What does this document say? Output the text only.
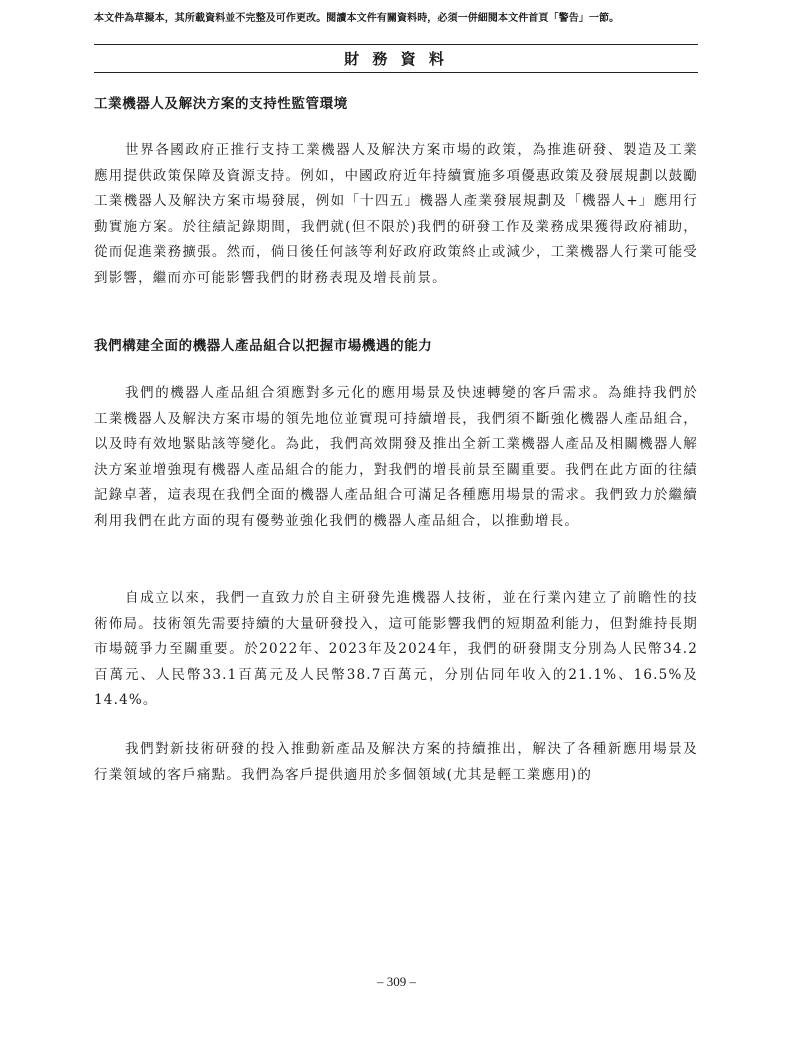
本文件為草擬本，其所載資料並不完整及可作更改。閱讀本文件有關資料時，必須一併細閱本文件首頁「警告」一節。
財 務 資 料
工業機器人及解決方案的支持性監管環境
世界各國政府正推行支持工業機器人及解決方案市場的政策，為推進研發、製造及工業應用提供政策保障及資源支持。例如，中國政府近年持續實施多項優惠政策及發展規劃以鼓勵工業機器人及解決方案市場發展，例如「十四五」機器人產業發展規劃及「機器人+」應用行動實施方案。於往績記錄期間，我們就(但不限於)我們的研發工作及業務成果獲得政府補助，從而促進業務擴張。然而，倘日後任何該等利好政府政策終止或減少，工業機器人行業可能受到影響，繼而亦可能影響我們的財務表現及增長前景。
我們構建全面的機器人產品組合以把握市場機遇的能力
我們的機器人產品組合須應對多元化的應用場景及快速轉變的客戶需求。為維持我們於工業機器人及解決方案市場的領先地位並實現可持續增長，我們須不斷強化機器人產品組合，以及時有效地緊貼該等變化。為此，我們高效開發及推出全新工業機器人產品及相關機器人解決方案並增強現有機器人產品組合的能力，對我們的增長前景至關重要。我們在此方面的往績記錄卓著，這表現在我們全面的機器人產品組合可滿足各種應用場景的需求。我們致力於繼續利用我們在此方面的現有優勢並強化我們的機器人產品組合，以推動增長。
自成立以來，我們一直致力於自主研發先進機器人技術，並在行業內建立了前瞻性的技術佈局。技術領先需要持續的大量研發投入，這可能影響我們的短期盈利能力，但對維持長期市場競爭力至關重要。於2022年、2023年及2024年，我們的研發開支分別為人民幣34.2百萬元、人民幣33.1百萬元及人民幣38.7百萬元，分別佔同年收入的21.1%、16.5%及14.4%。
我們對新技術研發的投入推動新產品及解決方案的持續推出，解決了各種新應用場景及行業領域的客戶痛點。我們為客戶提供適用於多個領域(尤其是輕工業應用)的
– 309 –
